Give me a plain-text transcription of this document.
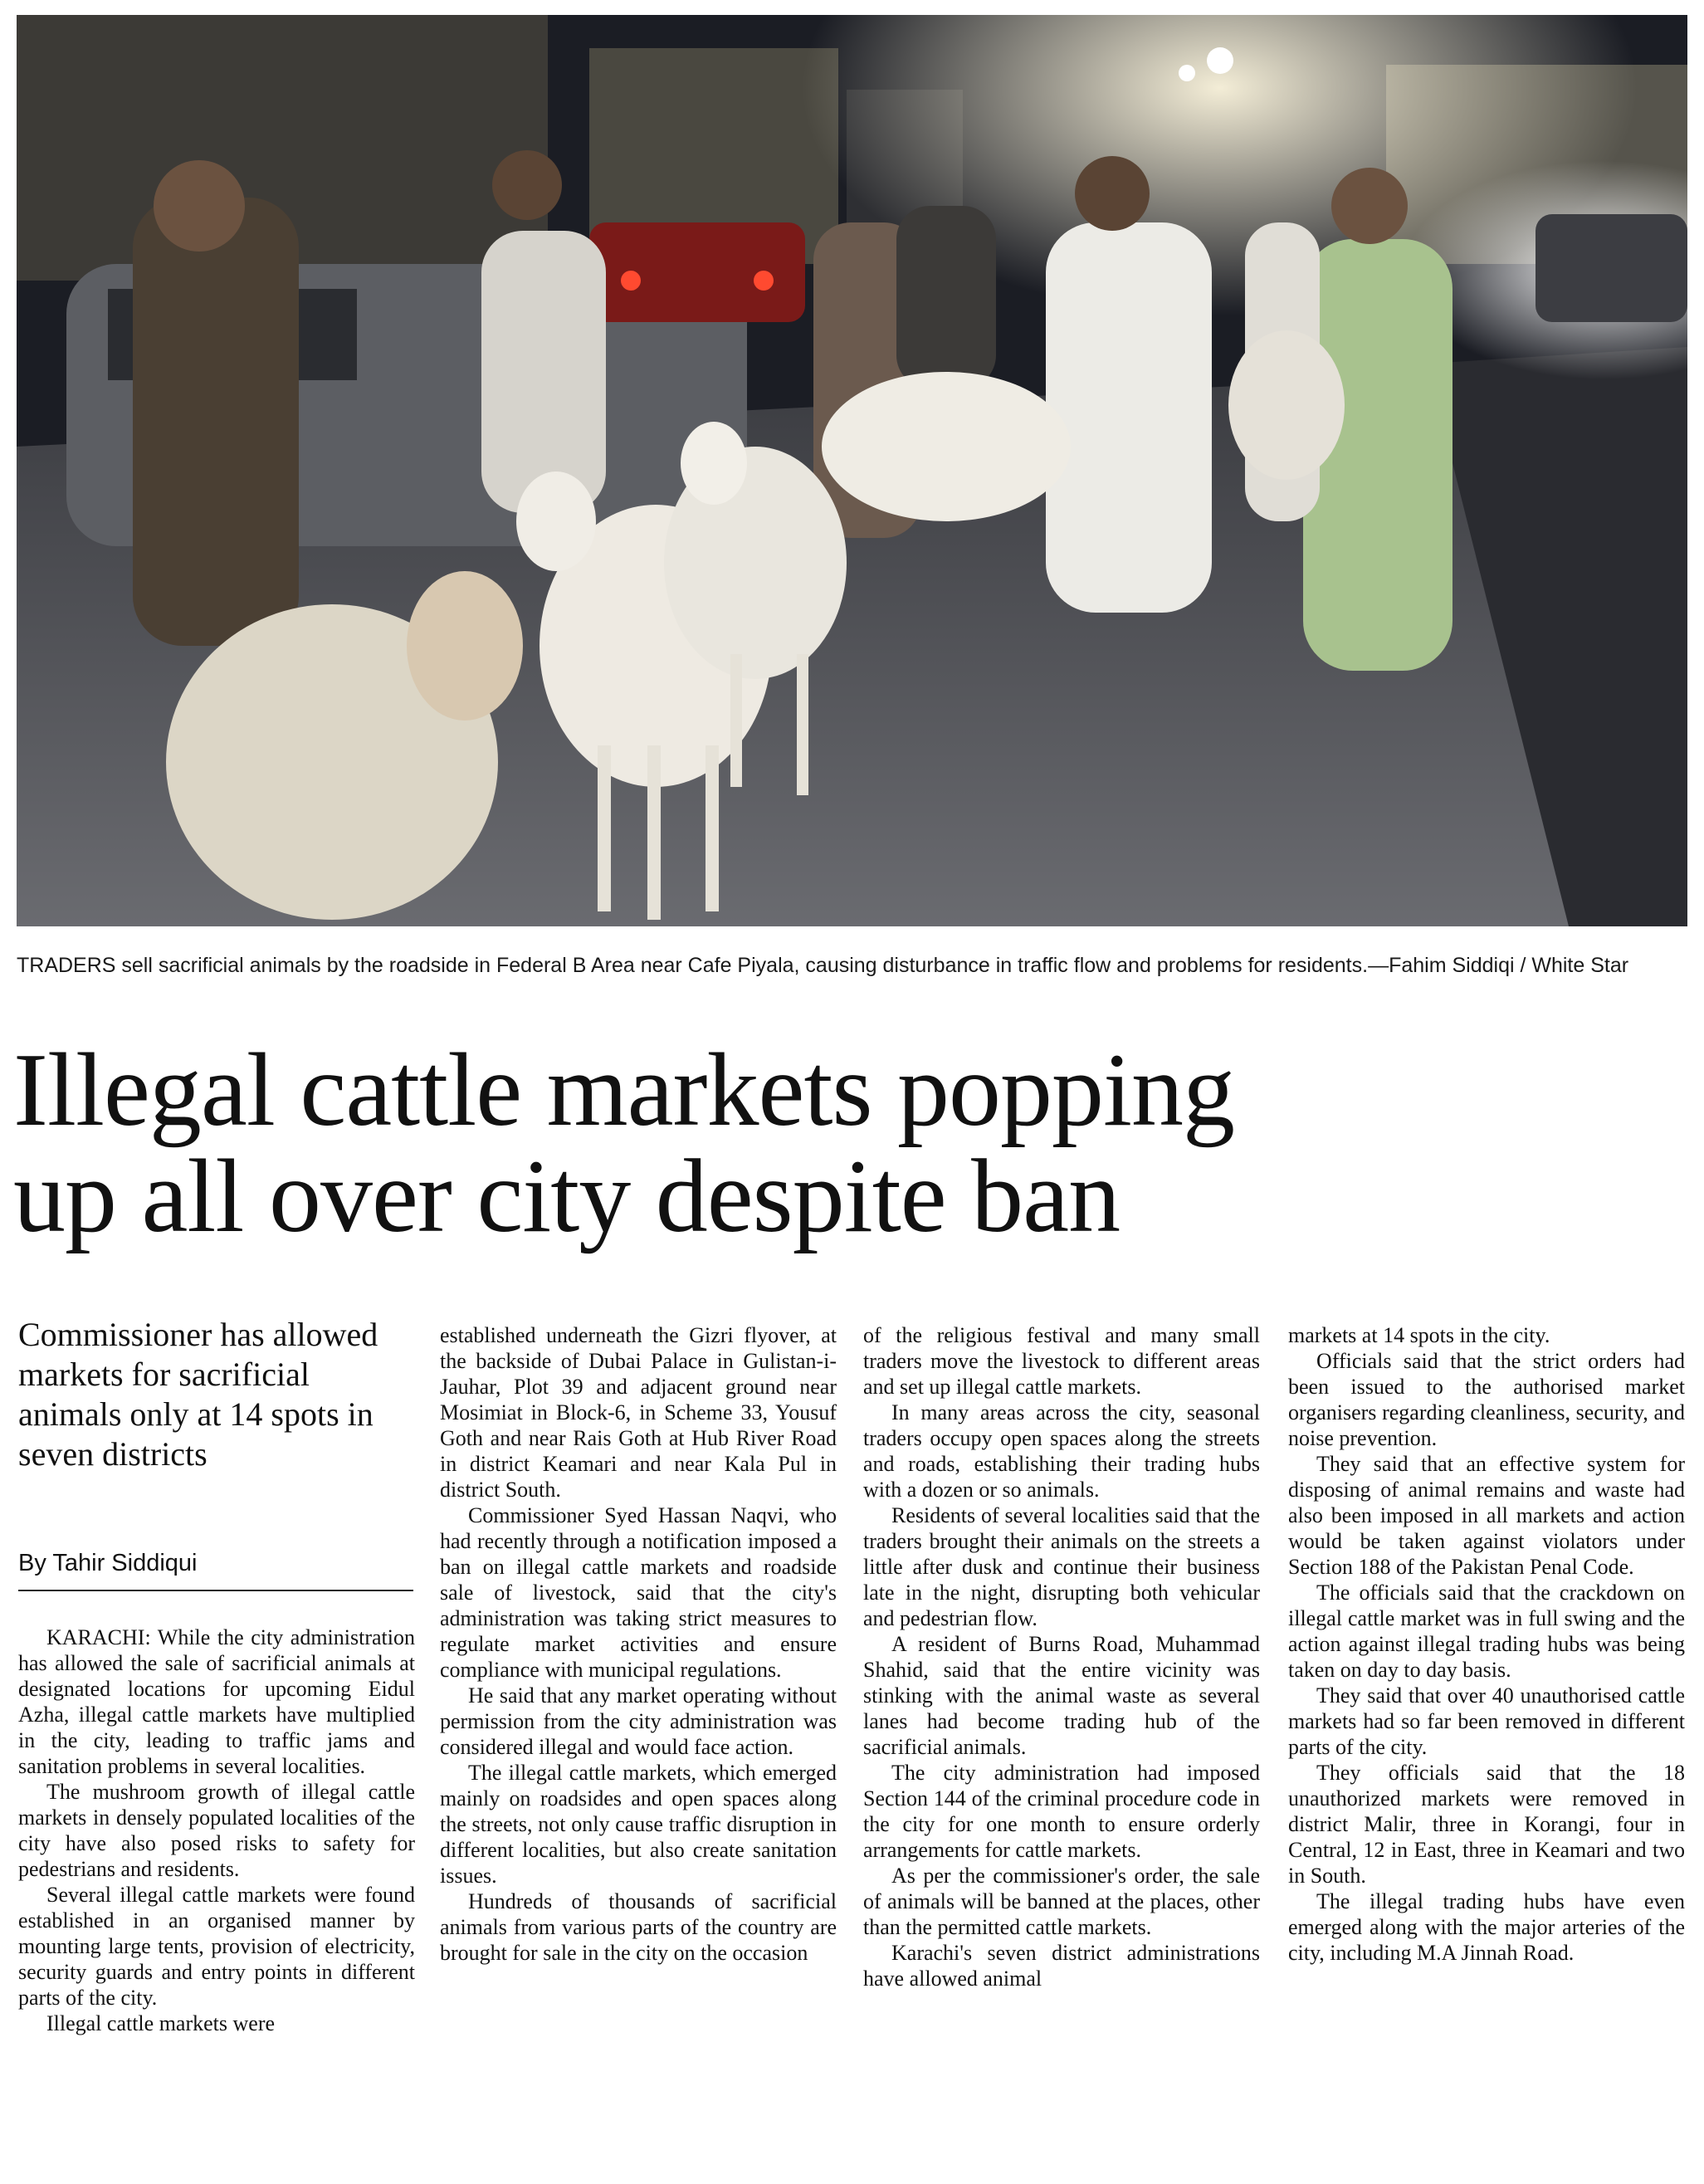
TRADERS sell sacrificial animals by the roadside in Federal B Area near Cafe Piyala, causing disturbance in traffic flow and problems for residents.—Fahim Siddiqi / White Star
Illegal cattle markets popping
up all over city despite ban
Commissioner has allowed markets for sacrificial animals only at 14 spots in seven districts
By Tahir Siddiqui

KARACHI: While the city administration has allowed the sale of sacrificial animals at designated locations for upcoming Eidul Azha, illegal cattle markets have multiplied in the city, leading to traffic jams and sanitation problems in several localities.

The mushroom growth of illegal cattle markets in densely populated localities of the city have also posed risks to safety for pedestrians and residents.

Several illegal cattle markets were found established in an organised manner by mounting large tents, provision of electricity, security guards and entry points in different parts of the city.

Illegal cattle markets were

established underneath the Gizri flyover, at the backside of Dubai Palace in Gulistan-i-Jauhar, Plot 39 and adjacent ground near Mosimiat in Block-6, in Scheme 33, Yousuf Goth and near Rais Goth at Hub River Road in district Keamari and near Kala Pul in district South.

Commissioner Syed Hassan Naqvi, who had recently through a notification imposed a ban on illegal cattle markets and roadside sale of livestock, said that the city's administration was taking strict measures to regulate market activities and ensure compliance with municipal regulations.

He said that any market operating without permission from the city administration was considered illegal and would face action.

The illegal cattle markets, which emerged mainly on roadsides and open spaces along the streets, not only cause traffic disruption in different localities, but also create sanitation issues.

Hundreds of thousands of sacrificial animals from various parts of the country are brought for sale in the city on the occasion

of the religious festival and many small traders move the livestock to different areas and set up illegal cattle markets.

In many areas across the city, seasonal traders occupy open spaces along the streets and roads, establishing their trading hubs with a dozen or so animals.

Residents of several localities said that the traders brought their animals on the streets a little after dusk and continue their business late in the night, disrupting both vehicular and pedestrian flow.

A resident of Burns Road, Muhammad Shahid, said that the entire vicinity was stinking with the animal waste as several lanes had become trading hub of the sacrificial animals.

The city administration had imposed Section 144 of the criminal procedure code in the city for one month to ensure orderly arrangements for cattle markets.

As per the commissioner's order, the sale of animals will be banned at the places, other than the permitted cattle markets.

Karachi's seven district administrations have allowed animal

markets at 14 spots in the city.

Officials said that the strict orders had been issued to the authorised market organisers regarding cleanliness, security, and noise prevention.

They said that an effective system for disposing of animal remains and waste had also been imposed in all markets and action would be taken against violators under Section 188 of the Pakistan Penal Code.

The officials said that the crackdown on illegal cattle market was in full swing and the action against illegal trading hubs was being taken on day to day basis.

They said that over 40 unauthorised cattle markets had so far been removed in different parts of the city.

They officials said that the 18 unauthorized markets were removed in district Malir, three in Korangi, four in Central, 12 in East, three in Keamari and two in South.

The illegal trading hubs have even emerged along with the major arteries of the city, including M.A Jinnah Road.
